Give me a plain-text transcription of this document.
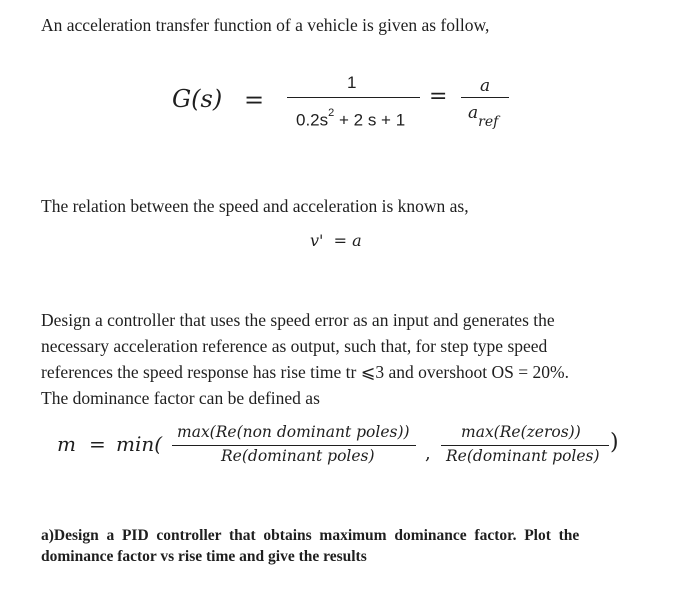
An acceleration transfer function of a vehicle is given as follow,
G(s) =
1
$0.2s^2 + 2$ s + 1
= a
$a_{ref}$
The relation between the speed and acceleration is known as,
v'  = a
Design a controller that uses the speed error as an input and generates the
necessary acceleration reference as output, such that, for step type speed
references the speed response has rise time tr ⩽3 and overshoot OS = 20%.
The dominance factor can be defined as
m = min( max(Re(non dominant poles))
Re(dominant poles)	,
max(Re(zeros))
Re(dominant poles)
)
a)Design  a  PID  controller  that  obtains  maximum  dominance  factor.  Plot  the
dominance factor vs rise time and give the results
